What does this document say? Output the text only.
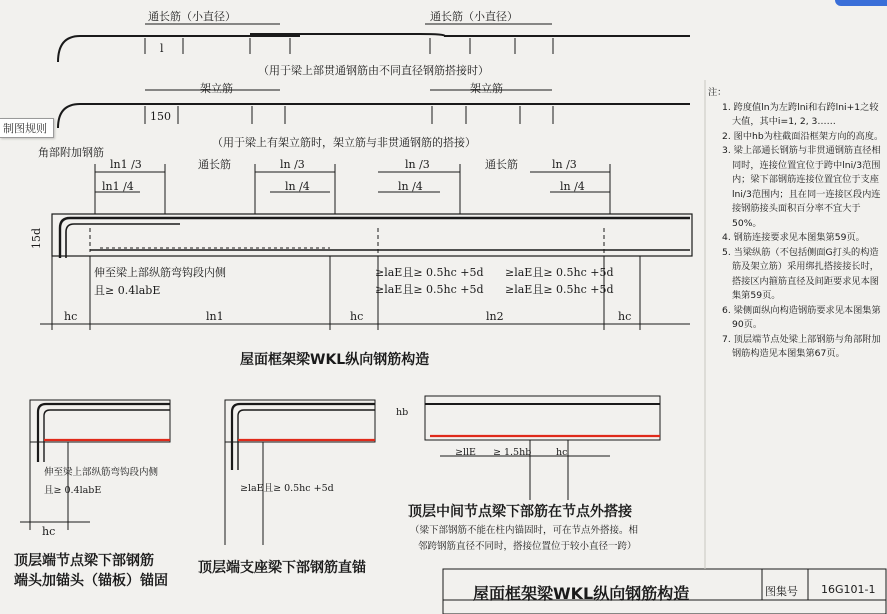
通长筋（小直径）	通长筋（小直径）
l
（用于梁上部贯通钢筋由不同直径钢筋搭接时）
架立筋	架立筋
150
（用于梁上有架立筋时，架立筋与非贯通钢筋的搭接）
角部附加钢筋
ln1 /3
ln1 /4
通长筋	ln /3
ln /4
ln /3
ln /4
通长筋	ln /3
ln /4
15d
伸至梁上部纵筋弯钩段内侧
且≥ 0.4labE
≥laE且≥ 0.5hc +5d ≥laE且≥ 0.5hc +5d
≥laE且≥ 0.5hc +5d ≥laE且≥ 0.5hc +5d
hc	ln1	hc	ln2	hc
屋面框架梁WKL纵向钢筋构造
伸至梁上部纵筋弯钩段内侧
且≥ 0.4labE
hc
顶层端节点梁下部钢筋
端头加锚头（锚板）锚固
≥laE且≥ 0.5hc +5d
顶层端支座梁下部钢筋直锚
hb
≥llE ≥ 1.5hb	hc
顶层中间节点梁下部筋在节点外搭接
（梁下部钢筋不能在柱内锚固时，可在节点外搭接。相
邻跨钢筋直径不同时，搭接位置位于较小直径一跨）

注：

1. 跨度值ln为左跨lni和右跨lni+1之较大值，其中i=1, 2, 3……

2. 图中hb为柱截面沿框架方向的高度。

3. 梁上部通长钢筋与非贯通钢筋直径相同时，连接位置宜位于跨中lni/3范围内；梁下部钢筋连接位置宜位于支座lni/3范围内；且在同一连接区段内连接钢筋接头面积百分率不宜大于50%。

4. 钢筋连接要求见本图集第59页。

5. 当梁纵筋（不包括侧面G打头的构造筋及架立筋）采用绑扎搭接接长时，搭接区内箍筋直径及间距要求见本图集第59页。

6. 梁侧面纵向构造钢筋要求见本图集第90页。

7. 顶层端节点处梁上部钢筋与角部附加钢筋构造见本图集第67页。

屋面框架梁WKL纵向钢筋构造	图集号 16G101-1
制图规则
